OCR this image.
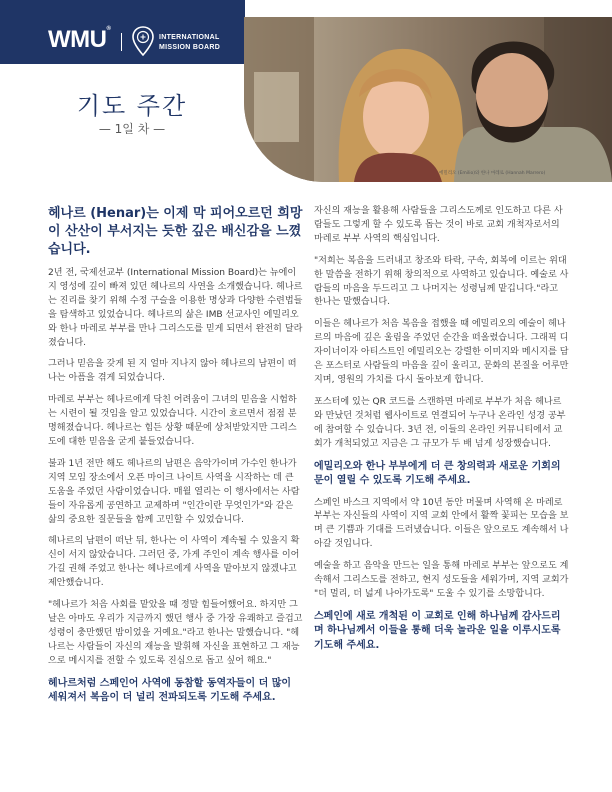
WMU®
INTERNATIONAL
MISSION BOARD
에밀리오 (Emilio)와 한나 마레로 (Hannah Marrero)
기도 주간
— 1일 차 —

헤나르 (Henar)는 이제 막 피어오르던 희망이 산산이 부서지는 듯한 깊은 배신감을 느꼈습니다.

2년 전, 국제선교부 (International Mission Board)는 뉴에이지 영성에 깊이 빠져 있던 헤나르의 사연을 소개했습니다. 헤나르는 진리를 찾기 위해 수정 구슬을 이용한 명상과 다양한 수련법들을 탐색하고 있었습니다. 헤나르의 삶은 IMB 선교사인 에밀리오와 한나 마레로 부부를 만나 그리스도를 믿게 되면서 완전히 달라졌습니다.

그러나 믿음을 갖게 된 지 얼마 지나지 않아 헤나르의 남편이 떠나는 아픔을 겪게 되었습니다.

마레로 부부는 헤나르에게 닥친 어려움이 그녀의 믿음을 시험하는 시련이 될 것임을 알고 있었습니다. 시간이 흐르면서 점점 분명해졌습니다. 헤나르는 힘든 상황 때문에 상처받았지만 그리스도에 대한 믿음을 굳게 붙들었습니다.

불과 1년 전만 해도 헤나르의 남편은 음악가이며 가수인 한나가 지역 모임 장소에서 오픈 마이크 나이트 사역을 시작하는 데 큰 도움을 주었던 사람이었습니다. 매월 열리는 이 행사에서는 사람들이 자유롭게 공연하고 교제하며 "인간이란 무엇인가"와 같은 삶의 중요한 질문들을 함께 고민할 수 있었습니다.

헤나르의 남편이 떠난 뒤, 한나는 이 사역이 계속될 수 있을지 확신이 서지 않았습니다. 그러던 중, 가게 주인이 계속 행사를 이어가길 권해 주었고 한나는 헤나르에게 사역을 맡아보지 않겠냐고 제안했습니다.

"헤나르가 처음 사회를 맡았을 때 정말 힘들어했어요. 하지만 그날은 아마도 우리가 지금까지 했던 행사 중 가장 유쾌하고 즐겁고 성령이 충만했던 밤이었을 거예요."라고 한나는 말했습니다. "헤나르는 사람들이 자신의 재능을 발휘해 자신을 표현하고 그 재능으로 메시지를 전할 수 있도록 진심으로 돕고 싶어 해요."

헤나르처럼 스페인어 사역에 동참할 동역자들이 더 많이 세워져서 복음이 더 널리 전파되도록 기도해 주세요.

자신의 재능을 활용해 사람들을 그리스도께로 인도하고 다른 사람들도 그렇게 할 수 있도록 돕는 것이 바로 교회 개척자로서의 마레로 부부 사역의 핵심입니다.

"저희는 복음을 드러내고 창조와 타락, 구속, 회복에 이르는 위대한 말씀을 전하기 위해 창의적으로 사역하고 있습니다. 예술로 사람들의 마음을 두드리고 그 나머지는 성령님께 맡깁니다."라고 한나는 말했습니다.

이들은 헤나르가 처음 복음을 접했을 때 에밀리오의 예술이 헤나르의 마음에 깊은 울림을 주었던 순간을 떠올렸습니다. 그래픽 디자이너이자 아티스트인 에밀리오는 강렬한 이미지와 메시지를 담은 포스터로 사람들의 마음을 깊이 울리고, 문화의 본질을 어루만지며, 영원의 가치를 다시 돌아보게 합니다.

포스터에 있는 QR 코드를 스캔하면 마레로 부부가 처음 헤나르와 만났던 것처럼 웹사이트로 연결되어 누구나 온라인 성경 공부에 참여할 수 있습니다. 3년 전, 이들의 온라인 커뮤니티에서 교회가 개척되었고 지금은 그 규모가 두 배 넘게 성장했습니다.

에밀리오와 한나 부부에게 더 큰 창의력과 새로운 기회의 문이 열릴 수 있도록 기도해 주세요.

스페인 바스크 지역에서 약 10년 동안 머물며 사역해 온 마레로 부부는 자신들의 사역이 지역 교회 안에서 활짝 꽃피는 모습을 보며 큰 기쁨과 기대를 드러냈습니다. 이들은 앞으로도 계속해서 나아갈 것입니다.

예술을 하고 음악을 만드는 일을 통해 마레로 부부는 앞으로도 계속해서 그리스도를 전하고, 현지 성도들을 세워가며, 지역 교회가 "더 멀리, 더 넓게 나아가도록" 도울 수 있기를 소망합니다.

스페인에 새로 개척된 이 교회로 인해 하나님께 감사드리며 하나님께서 이들을 통해 더욱 놀라운 일을 이루시도록 기도해 주세요.
